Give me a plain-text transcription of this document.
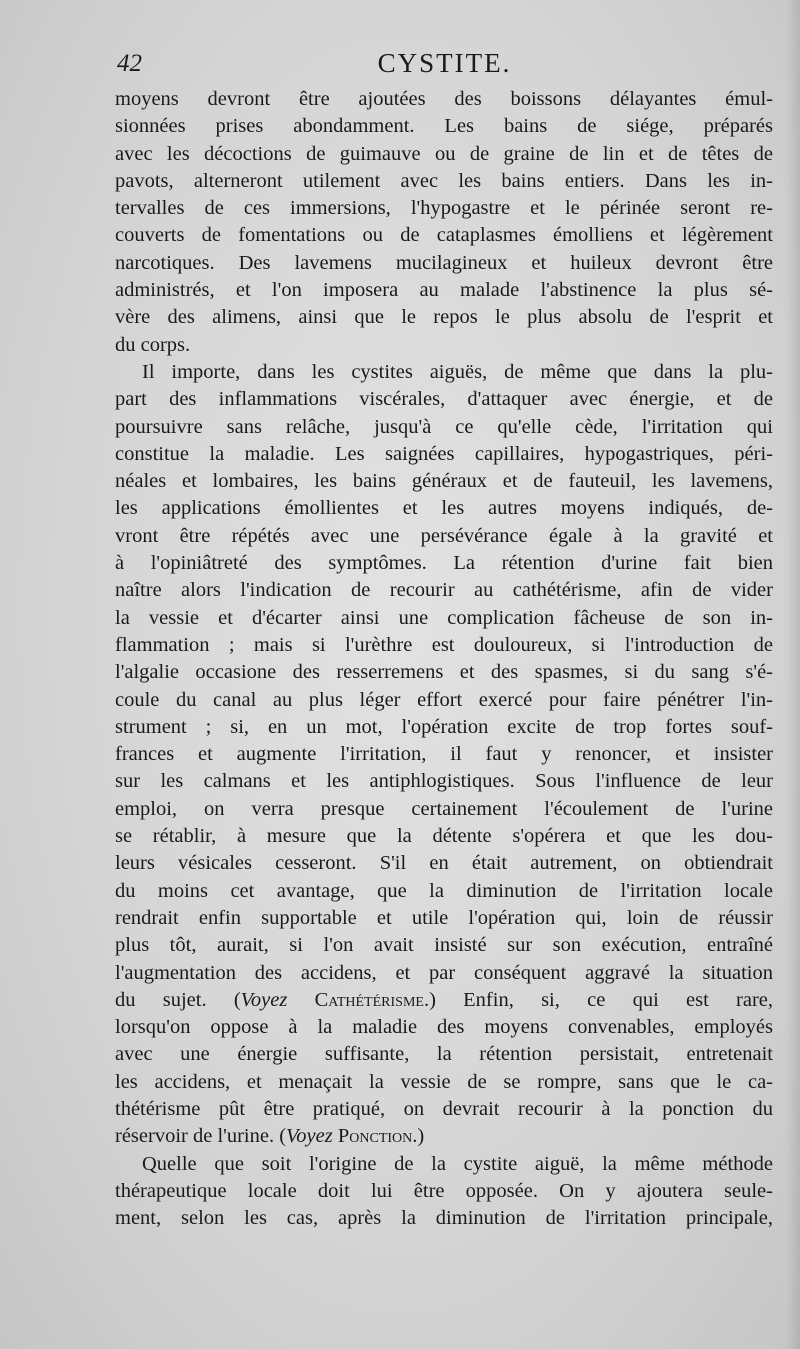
42	CYSTITE.
moyens devront être ajoutées des boissons délayantes émul-
sionnées prises abondamment. Les bains de siége, préparés
avec les décoctions de guimauve ou de graine de lin et de têtes de
pavots, alterneront utilement avec les bains entiers. Dans les in-
tervalles de ces immersions, l'hypogastre et le périnée seront re-
couverts de fomentations ou de cataplasmes émolliens et légèrement
narcotiques. Des lavemens mucilagineux et huileux devront être
administrés, et l'on imposera au malade l'abstinence la plus sé-
vère des alimens, ainsi que le repos le plus absolu de l'esprit et
du corps.
Il importe, dans les cystites aiguës, de même que dans la plu-
part des inflammations viscérales, d'attaquer avec énergie, et de
poursuivre sans relâche, jusqu'à ce qu'elle cède, l'irritation qui
constitue la maladie. Les saignées capillaires, hypogastriques, péri-
néales et lombaires, les bains généraux et de fauteuil, les lavemens,
les applications émollientes et les autres moyens indiqués, de-
vront être répétés avec une persévérance égale à la gravité et
à l'opiniâtreté des symptômes. La rétention d'urine fait bien
naître alors l'indication de recourir au cathétérisme, afin de vider
la vessie et d'écarter ainsi une complication fâcheuse de son in-
flammation ; mais si l'urèthre est douloureux, si l'introduction de
l'algalie occasione des resserremens et des spasmes, si du sang s'é-
coule du canal au plus léger effort exercé pour faire pénétrer l'in-
strument ; si, en un mot, l'opération excite de trop fortes souf-
frances et augmente l'irritation, il faut y renoncer, et insister
sur les calmans et les antiphlogistiques. Sous l'influence de leur
emploi, on verra presque certainement l'écoulement de l'urine
se rétablir, à mesure que la détente s'opérera et que les dou-
leurs vésicales cesseront. S'il en était autrement, on obtiendrait
du moins cet avantage, que la diminution de l'irritation locale
rendrait enfin supportable et utile l'opération qui, loin de réussir
plus tôt, aurait, si l'on avait insisté sur son exécution, entraîné
l'augmentation des accidens, et par conséquent aggravé la situation
du sujet. (Voyez Cathétérisme.) Enfin, si, ce qui est rare,
lorsqu'on oppose à la maladie des moyens convenables, employés
avec une énergie suffisante, la rétention persistait, entretenait
les accidens, et menaçait la vessie de se rompre, sans que le ca-
thétérisme pût être pratiqué, on devrait recourir à la ponction du
réservoir de l'urine. (Voyez Ponction.)
Quelle que soit l'origine de la cystite aiguë, la même méthode
thérapeutique locale doit lui être opposée. On y ajoutera seule-
ment, selon les cas, après la diminution de l'irritation principale,
